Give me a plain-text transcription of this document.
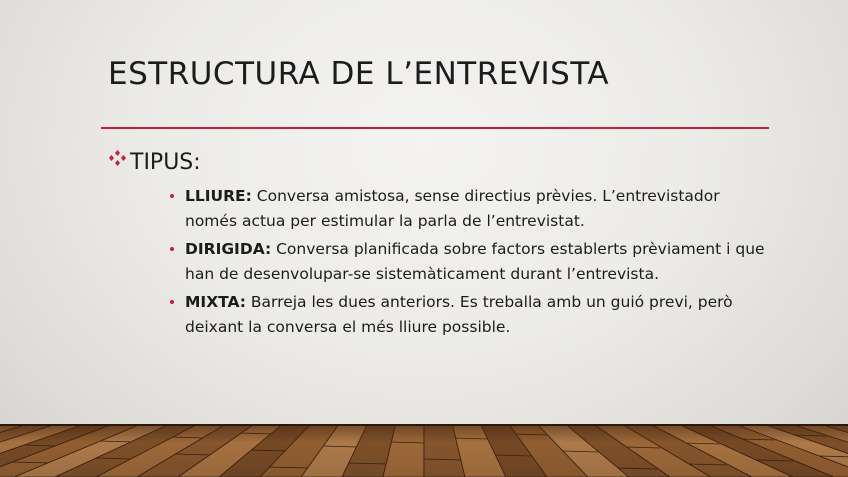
ESTRUCTURA DE L’ENTREVISTA
TIPUS:
LLIURE: Conversa amistosa, sense directius prèvies. L’entrevistador només actua per estimular la parla de l’entrevistat.
DIRIGIDA: Conversa planificada sobre factors establerts prèviament i que han de desenvolupar-se sistemàticament durant l’entrevista.
MIXTA: Barreja les dues anteriors. Es treballa amb un guió previ, però deixant la conversa el més lliure possible.
